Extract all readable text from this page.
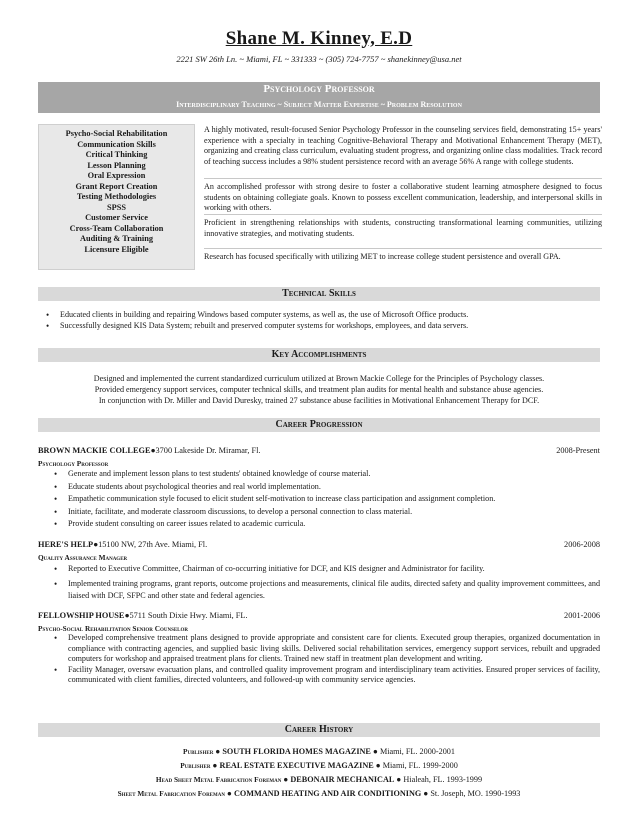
Shane M. Kinney, E.D
2221 SW 26th Ln. ~ Miami, FL ~ 331333 ~ (305) 724-7757 ~ shanekinney@usa.net
Psychology Professor
Interdisciplinary Teaching ~ Subject Matter Expertise ~ Problem Resolution
Psycho-Social Rehabilitation
Communication Skills
Critical Thinking
Lesson Planning
Oral Expression
Grant Report Creation
Testing Methodologies
SPSS
Customer Service
Cross-Team Collaboration
Auditing & Training
Licensure Eligible
A highly motivated, result-focused Senior Psychology Professor in the counseling services field, demonstrating 15+ years' experience with a specialty in teaching Cognitive-Behavioral Therapy and Motivational Enhancement Therapy (MET), organizing and creating class curriculum, evaluating student progress, and organizing online class modalities. Track record of teaching success includes a 98% student persistence record with an average 56% A range with college students.
An accomplished professor with strong desire to foster a collaborative student learning atmosphere designed to focus students on obtaining collegiate goals. Known to possess excellent communication, leadership, and interpersonal skills in working with others.
Proficient in strengthening relationships with students, constructing transformational learning communities, utilizing innovative strategies, and motivating students.
Research has focused specifically with utilizing MET to increase college student persistence and overall GPA.
Technical Skills
• Educated clients in building and repairing Windows based computer systems, as well as, the use of Microsoft Office products.
• Successfully designed KIS Data System; rebuilt and preserved computer systems for workshops, employees, and data servers.
Key Accomplishments
Designed and implemented the current standardized curriculum utilized at Brown Mackie College for the Principles of Psychology classes.
Provided emergency support services, computer technical skills, and treatment plan audits for mental health and substance abuse agencies.
In conjunction with Dr. Miller and David Duresky, trained 27 substance abuse facilities in Motivational Enhancement Therapy for DCF.
Career Progression
BROWN MACKIE COLLEGE●3700 Lakeside Dr. Miramar, Fl.	2008-Present
Psychology Professor
• Generate and implement lesson plans to test students' obtained knowledge of course material.
• Educate students about psychological theories and real world implementation.
• Empathetic communication style focused to elicit student self-motivation to increase class participation and assignment completion.
• Initiate, facilitate, and moderate classroom discussions, to develop a personal connection to class material.
• Provide student consulting on career issues related to academic curricula.
HERE'S HELP●15100 NW, 27th Ave. Miami, Fl.	2006-2008
Quality Assurance Manager
• Reported to Executive Committee, Chairman of co-occurring initiative for DCF, and KIS designer and Administrator for facility.
• Implemented training programs, grant reports, outcome projections and measurements, clinical file audits, directed safety and quality improvement committees, and liaised with DCF, SFPC and other state and federal agencies.
FELLOWSHIP HOUSE●5711 South Dixie Hwy. Miami, FL.	2001-2006
Psycho-Social Rehabilitation Senior Counselor
• Developed comprehensive treatment plans designed to provide appropriate and consistent care for clients. Executed group therapies, organized documentation in compliance with contracting agencies, and supplied basic living skills. Delivered social rehabilitation services, emergency support services, rebuilt and upgraded computers for workshop and appraised treatment plans for clients. Trained new staff in treatment plan development and writing.
• Facility Manager, oversaw evacuation plans, and controlled quality improvement program and interdisciplinary team activities. Ensured proper services of facility, communicated with client families, directed volunteers, and followed-up with community service agencies.
Career History
Publisher ● SOUTH FLORIDA HOMES MAGAZINE ● Miami, FL. 2000-2001
Publisher ● REAL ESTATE EXECUTIVE MAGAZINE ● Miami, FL. 1999-2000
Head Sheet Metal Fabrication Foreman ● DEBONAIR MECHANICAL ● Hialeah, FL. 1993-1999
Sheet Metal Fabrication Foreman ● COMMAND HEATING AND AIR CONDITIONING ● St. Joseph, MO. 1990-1993
